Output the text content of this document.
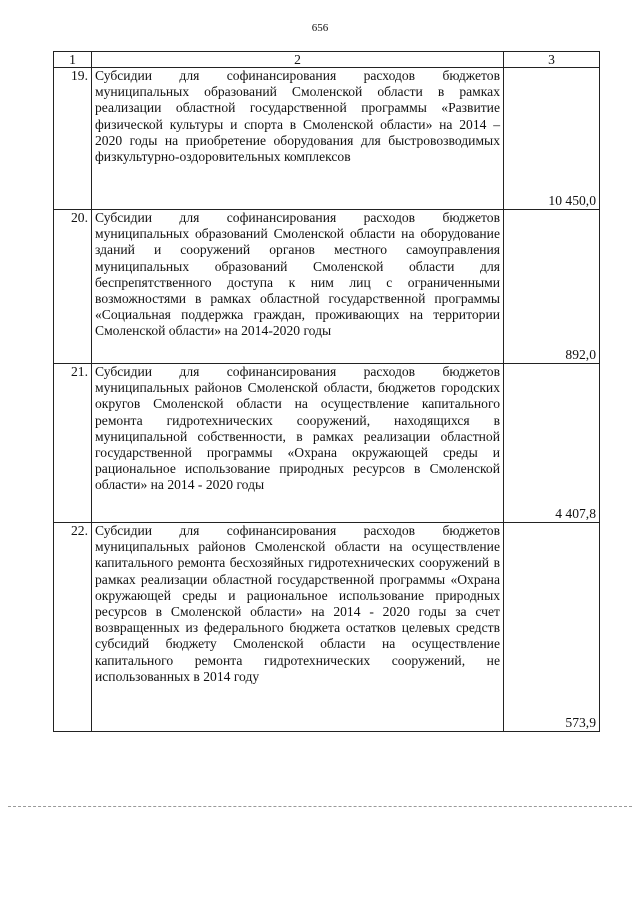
656
1	2	3
19.	Субсидии для софинансирования расходов бюджетов муниципальных образований Смоленской области в рамках реализации областной государственной программы «Развитие физической культуры и спорта в Смоленской области» на 2014 – 2020 годы на приобретение оборудования для быстровозводимых физкультурно-оздоровительных комплексов	10 450,0
20.	Субсидии для софинансирования расходов бюджетов муниципальных образований Смоленской области на оборудование зданий и сооружений органов местного самоуправления муниципальных образований Смоленской области для беспрепятственного доступа к ним лиц с ограниченными возможностями в рамках областной государственной программы «Социальная поддержка граждан, проживающих на территории Смоленской области» на 2014-2020 годы	892,0
21.	Субсидии для софинансирования расходов бюджетов муниципальных районов Смоленской области, бюджетов городских округов Смоленской области на осуществление капитального ремонта гидротехнических сооружений, находящихся в муниципальной собственности, в рамках реализации областной государственной программы «Охрана окружающей среды и рациональное использование природных ресурсов в Смоленской области» на 2014 - 2020 годы	4 407,8
22.	Субсидии для софинансирования расходов бюджетов муниципальных районов Смоленской области на осуществление капитального ремонта бесхозяйных гидротехнических сооружений в рамках реализации областной государственной программы «Охрана окружающей среды и рациональное использование природных ресурсов в Смоленской области» на 2014 - 2020 годы за счет возвращенных из федерального бюджета остатков целевых средств субсидий бюджету Смоленской области на осуществление капитального ремонта гидротехнических сооружений, не использованных в 2014 году	573,9
